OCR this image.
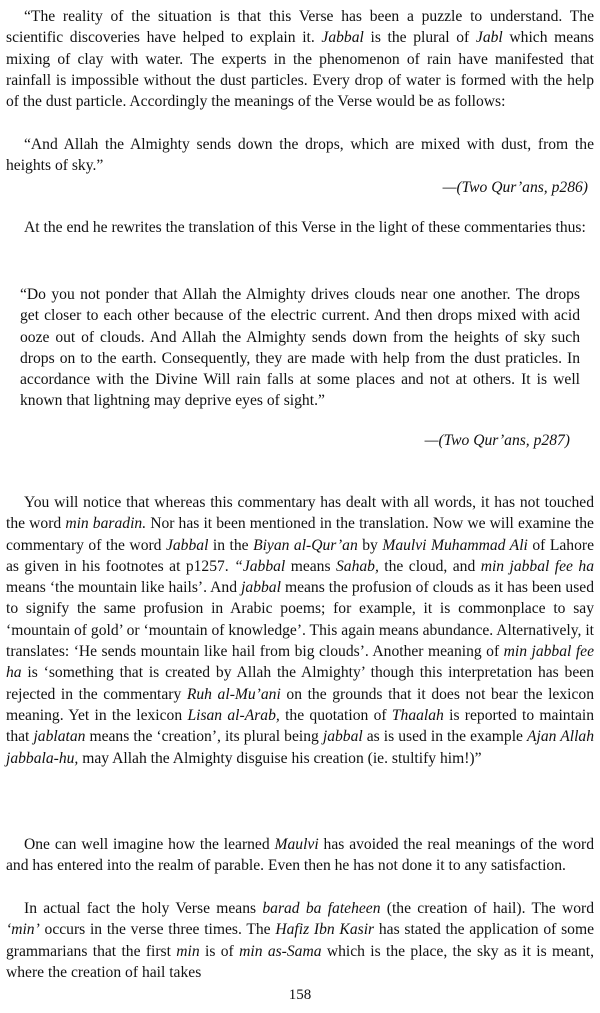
“The reality of the situation is that this Verse has been a puzzle to understand. The scientific discoveries have helped to explain it. Jabbal is the plural of Jabl which means mixing of clay with water. The experts in the phenomenon of rain have manifested that rainfall is impossible without the dust particles. Every drop of water is formed with the help of the dust particle. Accordingly the meanings of the Verse would be as follows:

“And Allah the Almighty sends down the drops, which are mixed with dust, from the heights of sky.”

—(Two Qur’ans, p286)

At the end he rewrites the translation of this Verse in the light of these commentaries thus:

“Do you not ponder that Allah the Almighty drives clouds near one another. The drops get closer to each other because of the electric current. And then drops mixed with acid ooze out of clouds. And Allah the Almighty sends down from the heights of sky such drops on to the earth. Consequently, they are made with help from the dust praticles. In accordance with the Divine Will rain falls at some places and not at others. It is well known that lightning may deprive eyes of sight.”

—(Two Qur’ans, p287)

You will notice that whereas this commentary has dealt with all words, it has not touched the word min baradin. Nor has it been mentioned in the translation. Now we will examine the commentary of the word Jabbal in the Biyan al-Qur’an by Maulvi Muhammad Ali of Lahore as given in his footnotes at p1257. “Jabbal means Sahab, the cloud, and min jabbal fee ha means ‘the mountain like hails’. And jabbal means the profusion of clouds as it has been used to signify the same profusion in Arabic poems; for example, it is commonplace to say ‘mountain of gold’ or ‘mountain of knowledge’. This again means abundance. Alternatively, it translates: ‘He sends mountain like hail from big clouds’. Another meaning of min jabbal fee ha is ‘something that is created by Allah the Almighty’ though this interpretation has been rejected in the commentary Ruh al-Mu’ani on the grounds that it does not bear the lexicon meaning. Yet in the lexicon Lisan al-Arab, the quotation of Thaalah is reported to maintain that jablatan means the ‘creation’, its plural being jabbal as is used in the example Ajan Allah jabbala-hu, may Allah the Almighty disguise his creation (ie. stultify him!)”

One can well imagine how the learned Maulvi has avoided the real meanings of the word and has entered into the realm of parable. Even then he has not done it to any satisfaction.

In actual fact the holy Verse means barad ba fateheen (the creation of hail). The word ‘min’ occurs in the verse three times. The Hafiz Ibn Kasir has stated the application of some grammarians that the first min is of min as-Sama which is the place, the sky as it is meant, where the creation of hail takes

158
